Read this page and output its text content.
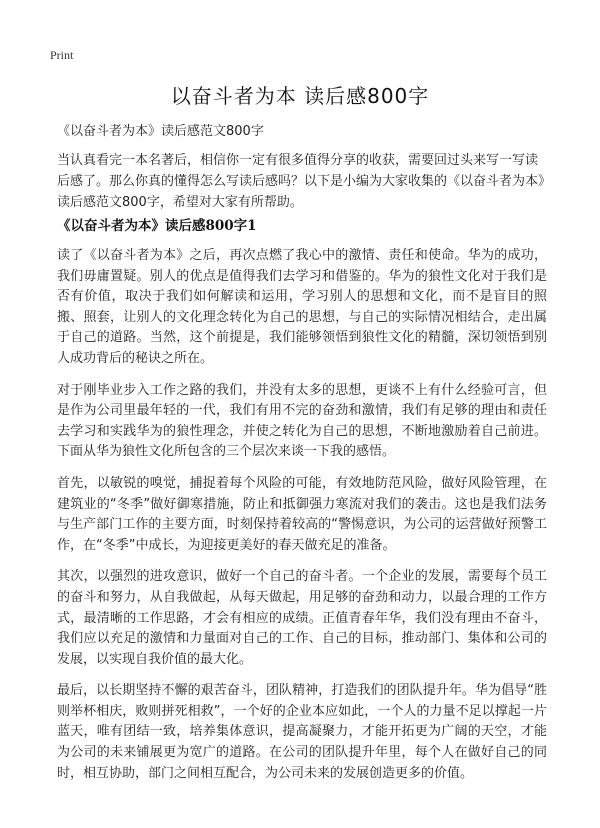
Print
以奋斗者为本 读后感800字
《以奋斗者为本》读后感范文800字

当认真看完一本名著后，相信你一定有很多值得分享的收获，需要回过头来写一写读后感了。那么你真的懂得怎么写读后感吗？以下是小编为大家收集的《以奋斗者为本》读后感范文800字，希望对大家有所帮助。

《以奋斗者为本》读后感800字1

读了《以奋斗者为本》之后，再次点燃了我心中的激情、责任和使命。华为的成功，我们毋庸置疑。别人的优点是值得我们去学习和借鉴的。华为的狼性文化对于我们是否有价值，取决于我们如何解读和运用，学习别人的思想和文化，而不是盲目的照搬、照套，让别人的文化理念转化为自己的思想，与自己的实际情况相结合，走出属于自己的道路。当然，这个前提是，我们能够领悟到狼性文化的精髓，深切领悟到别人成功背后的秘诀之所在。

对于刚毕业步入工作之路的我们，并没有太多的思想，更谈不上有什么经验可言，但是作为公司里最年轻的一代，我们有用不完的奋劲和激情，我们有足够的理由和责任去学习和实践华为的狼性理念，并使之转化为自己的思想，不断地激励着自己前进。下面从华为狼性文化所包含的三个层次来谈一下我的感悟。

首先，以敏锐的嗅觉，捕捉着每个风险的可能，有效地防范风险，做好风险管理，在建筑业的“冬季”做好御寒措施，防止和抵御强力寒流对我们的袭击。这也是我们法务与生产部门工作的主要方面，时刻保持着较高的“警惕意识，为公司的运营做好预警工作，在“冬季”中成长，为迎接更美好的春天做充足的准备。

其次，以强烈的进攻意识，做好一个自己的奋斗者。一个企业的发展，需要每个员工的奋斗和努力，从自我做起，从每天做起，用足够的奋劲和动力，以最合理的工作方式，最清晰的工作思路，才会有相应的成绩。正值青春年华，我们没有理由不奋斗，我们应以充足的激情和力量面对自己的工作、自己的目标，推动部门、集体和公司的发展，以实现自我价值的最大化。

最后，以长期坚持不懈的艰苦奋斗，团队精神，打造我们的团队提升年。华为倡导“胜则举杯相庆，败则拼死相救”，一个好的企业本应如此，一个人的力量不足以撑起一片蓝天，唯有团结一致，培养集体意识，提高凝聚力，才能开拓更为广阔的天空，才能为公司的未来铺展更为宽广的道路。在公司的团队提升年里，每个人在做好自己的同时，相互协助，部门之间相互配合，为公司未来的发展创造更多的价值。
